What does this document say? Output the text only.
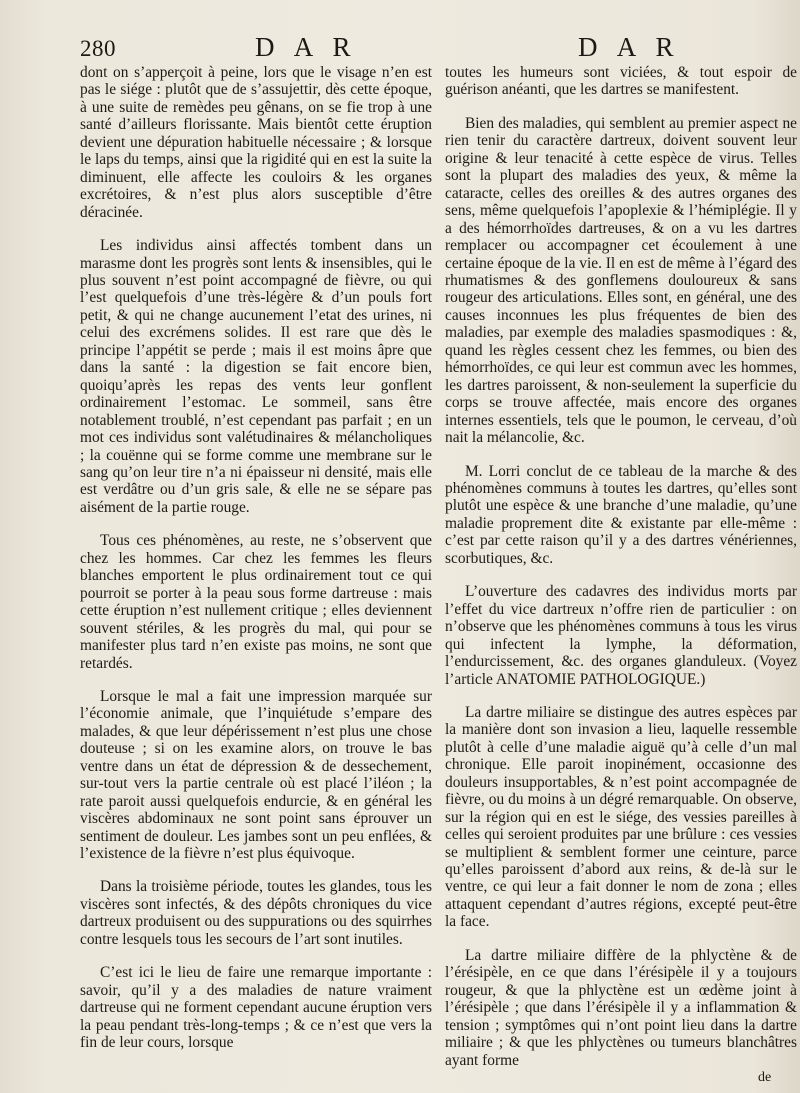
280	D A R	D A R

dont on s’apperçoit à peine, lors que le visage n’en est pas le siége : plutôt que de s’assujettir, dès cette époque, à une suite de remèdes peu gênans, on se fie trop à une santé d’ailleurs florissante. Mais bientôt cette éruption devient une dépuration habituelle nécessaire ; & lorsque le laps du temps, ainsi que la rigidité qui en est la suite la diminuent, elle affecte les couloirs & les organes excrétoires, & n’est plus alors susceptible d’être déracinée.

Les individus ainsi affectés tombent dans un marasme dont les progrès sont lents & insensibles, qui le plus souvent n’est point accompagné de fièvre, ou qui l’est quelquefois d’une très-légère & d’un pouls fort petit, & qui ne change aucunement l’etat des urines, ni celui des excrémens solides. Il est rare que dès le principe l’appétit se perde ; mais il est moins âpre que dans la santé : la digestion se fait encore bien, quoiqu’après les repas des vents leur gonflent ordinairement l’estomac. Le sommeil, sans être notablement troublé, n’est cependant pas parfait ; en un mot ces individus sont valétudinaires & mélancholiques ; la couënne qui se forme comme une membrane sur le sang qu’on leur tire n’a ni épaisseur ni densité, mais elle est verdâtre ou d’un gris sale, & elle ne se sépare pas aisément de la partie rouge.

Tous ces phénomènes, au reste, ne s’observent que chez les hommes. Car chez les femmes les fleurs blanches emportent le plus ordinairement tout ce qui pourroit se porter à la peau sous forme dartreuse : mais cette éruption n’est nullement critique ; elles deviennent souvent stériles, & les progrès du mal, qui pour se manifester plus tard n’en existe pas moins, ne sont que retardés.

Lorsque le mal a fait une impression marquée sur l’économie animale, que l’inquiétude s’empare des malades, & que leur dépérissement n’est plus une chose douteuse ; si on les examine alors, on trouve le bas ventre dans un état de dépression & de dessechement, sur-tout vers la partie centrale où est placé l’iléon ; la rate paroit aussi quelquefois endurcie, & en général les viscères abdominaux ne sont point sans éprouver un sentiment de douleur. Les jambes sont un peu enflées, & l’existence de la fièvre n’est plus équivoque.

Dans la troisième période, toutes les glandes, tous les viscères sont infectés, & des dépôts chroniques du vice dartreux produisent ou des suppurations ou des squirrhes contre lesquels tous les secours de l’art sont inutiles.

C’est ici le lieu de faire une remarque importante : savoir, qu’il y a des maladies de nature vraiment dartreuse qui ne forment cependant aucune éruption vers la peau pendant très-long-temps ; & ce n’est que vers la fin de leur cours, lorsque

toutes les humeurs sont viciées, & tout espoir de guérison anéanti, que les dartres se manifestent.

Bien des maladies, qui semblent au premier aspect ne rien tenir du caractère dartreux, doivent souvent leur origine & leur tenacité à cette espèce de virus. Telles sont la plupart des maladies des yeux, & même la cataracte, celles des oreilles & des autres organes des sens, même quelquefois l’apoplexie & l’hémiplégie. Il y a des hémorrhoïdes dartreuses, & on a vu les dartres remplacer ou accompagner cet écoulement à une certaine époque de la vie. Il en est de même à l’égard des rhumatismes & des gonflemens douloureux & sans rougeur des articulations. Elles sont, en général, une des causes inconnues les plus fréquentes de bien des maladies, par exemple des maladies spasmodiques : &, quand les règles cessent chez les femmes, ou bien des hémorrhoïdes, ce qui leur est commun avec les hommes, les dartres paroissent, & non-seulement la superficie du corps se trouve affectée, mais encore des organes internes essentiels, tels que le poumon, le cerveau, d’où nait la mélancolie, &c.

M. Lorri conclut de ce tableau de la marche & des phénomènes communs à toutes les dartres, qu’elles sont plutôt une espèce & une branche d’une maladie, qu’une maladie proprement dite & existante par elle-même : c’est par cette raison qu’il y a des dartres vénériennes, scorbutiques, &c.

L’ouverture des cadavres des individus morts par l’effet du vice dartreux n’offre rien de particulier : on n’observe que les phénomènes communs à tous les virus qui infectent la lymphe, la déformation, l’endurcissement, &c. des organes glanduleux. (Voyez l’article ANATOMIE PATHOLOGIQUE.)

La dartre miliaire se distingue des autres espèces par la manière dont son invasion a lieu, laquelle ressemble plutôt à celle d’une maladie aiguë qu’à celle d’un mal chronique. Elle paroit inopinément, occasionne des douleurs insupportables, & n’est point accompagnée de fièvre, ou du moins à un dégré remarquable. On observe, sur la région qui en est le siége, des vessies pareilles à celles qui seroient produites par une brûlure : ces vessies se multiplient & semblent former une ceinture, parce qu’elles paroissent d’abord aux reins, & de-là sur le ventre, ce qui leur a fait donner le nom de zona ; elles attaquent cependant d’autres régions, excepté peut-être la face.

La dartre miliaire diffère de la phlyctène & de l’érésipèle, en ce que dans l’érésipèle il y a toujours rougeur, & que la phlyctène est un œdème joint à l’érésipèle ; que dans l’érésipèle il y a inflammation & tension ; symptômes qui n’ont point lieu dans la dartre miliaire ; & que les phlyctènes ou tumeurs blanchâtres ayant forme

de
